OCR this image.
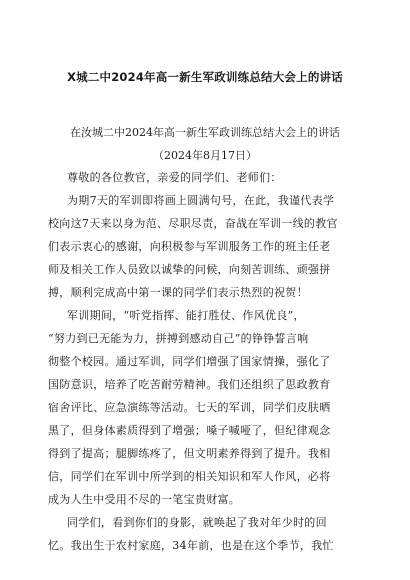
X城二中2024年高一新生军政训练总结大会上的讲话
在汝城二中2024年高一新生军政训练总结大会上的讲话
（2024年8月17日）
尊敬的各位教官，亲爱的同学们、老师们：
为期7天的军训即将画上圆满句号，在此，我谨代表学
校向这7天来以身为范、尽职尽责，奋战在军训一线的教官
们表示衷心的感谢，向积极参与军训服务工作的班主任老
师及相关工作人员致以诚挚的问候，向刻苦训练、顽强拼
搏，顺利完成高中第一课的同学们表示热烈的祝贺！
军训期间，“听党指挥、能打胜仗、作风优良”，
“努力到已无能为力，拼搏到感动自己”的铮铮誓言响
彻整个校园。通过军训，同学们增强了国家情操，强化了
国防意识，培养了吃苦耐劳精神。我们还组织了思政教育
宿舍评比、应急演练等活动。七天的军训，同学们皮肤晒
黑了，但身体素质得到了增强；嗓子喊哑了，但纪律观念
得到了提高；腿脚练疼了，但文明素养得到了提升。我相
信，同学们在军训中所学到的相关知识和军人作风，必将
成为人生中受用不尽的一笔宝贵财富。
同学们，看到你们的身影，就唤起了我对年少时的回
忆。我出生于农村家庭，34年前，也是在这个季节，我忙
